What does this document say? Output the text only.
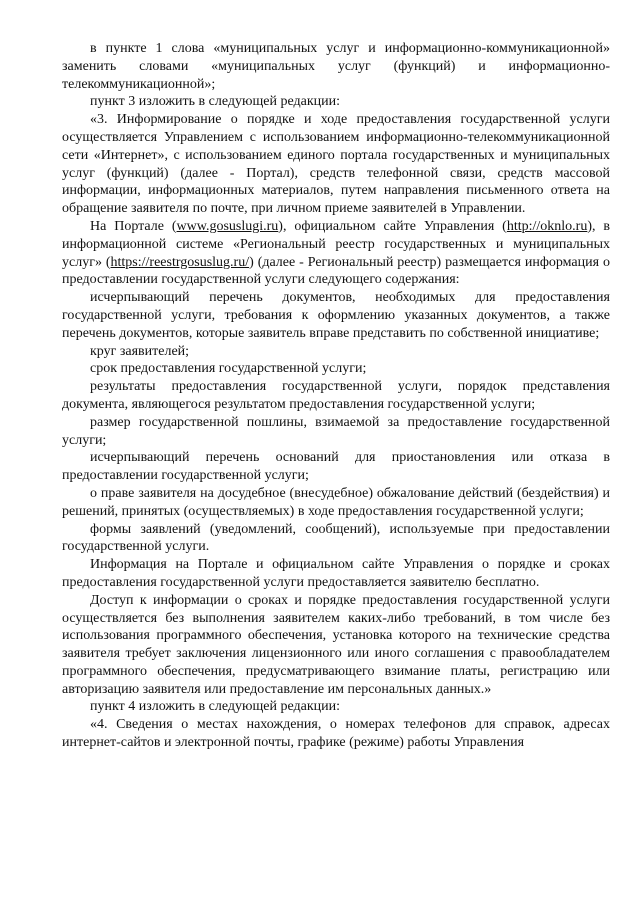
в пункте 1 слова «муниципальных услуг и информационно-коммуникационной» заменить словами «муниципальных услуг (функций) и информационно-телекоммуникационной»;

пункт 3 изложить в следующей редакции:

«3. Информирование о порядке и ходе предоставления государственной услуги осуществляется Управлением с использованием информационно-телекоммуникационной сети «Интернет», с использованием единого портала государственных и муниципальных услуг (функций) (далее - Портал), средств телефонной связи, средств массовой информации, информационных материалов, путем направления письменного ответа на обращение заявителя по почте, при личном приеме заявителей в Управлении.

На Портале (www.gosuslugi.ru), официальном сайте Управления (http://oknlo.ru), в информационной системе «Региональный реестр государственных и муниципальных услуг» (https://reestrgosuslug.ru/) (далее - Региональный реестр) размещается информация о предоставлении государственной услуги следующего содержания:

исчерпывающий перечень документов, необходимых для предоставления государственной услуги, требования к оформлению указанных документов, а также перечень документов, которые заявитель вправе представить по собственной инициативе;

круг заявителей;

срок предоставления государственной услуги;

результаты предоставления государственной услуги, порядок представления документа, являющегося результатом предоставления государственной услуги;

размер государственной пошлины, взимаемой за предоставление государственной услуги;

исчерпывающий перечень оснований для приостановления или отказа в предоставлении государственной услуги;

о праве заявителя на досудебное (внесудебное) обжалование действий (бездействия) и решений, принятых (осуществляемых) в ходе предоставления государственной услуги;

формы заявлений (уведомлений, сообщений), используемые при предоставлении государственной услуги.

Информация на Портале и официальном сайте Управления о порядке и сроках предоставления государственной услуги предоставляется заявителю бесплатно.

Доступ к информации о сроках и порядке предоставления государственной услуги осуществляется без выполнения заявителем каких-либо требований, в том числе без использования программного обеспечения, установка которого на технические средства заявителя требует заключения лицензионного или иного соглашения с правообладателем программного обеспечения, предусматривающего взимание платы, регистрацию или авторизацию заявителя или предоставление им персональных данных.»

пункт 4 изложить в следующей редакции:

«4. Сведения о местах нахождения, о номерах телефонов для справок, адресах интернет-сайтов и электронной почты, графике (режиме) работы Управления
